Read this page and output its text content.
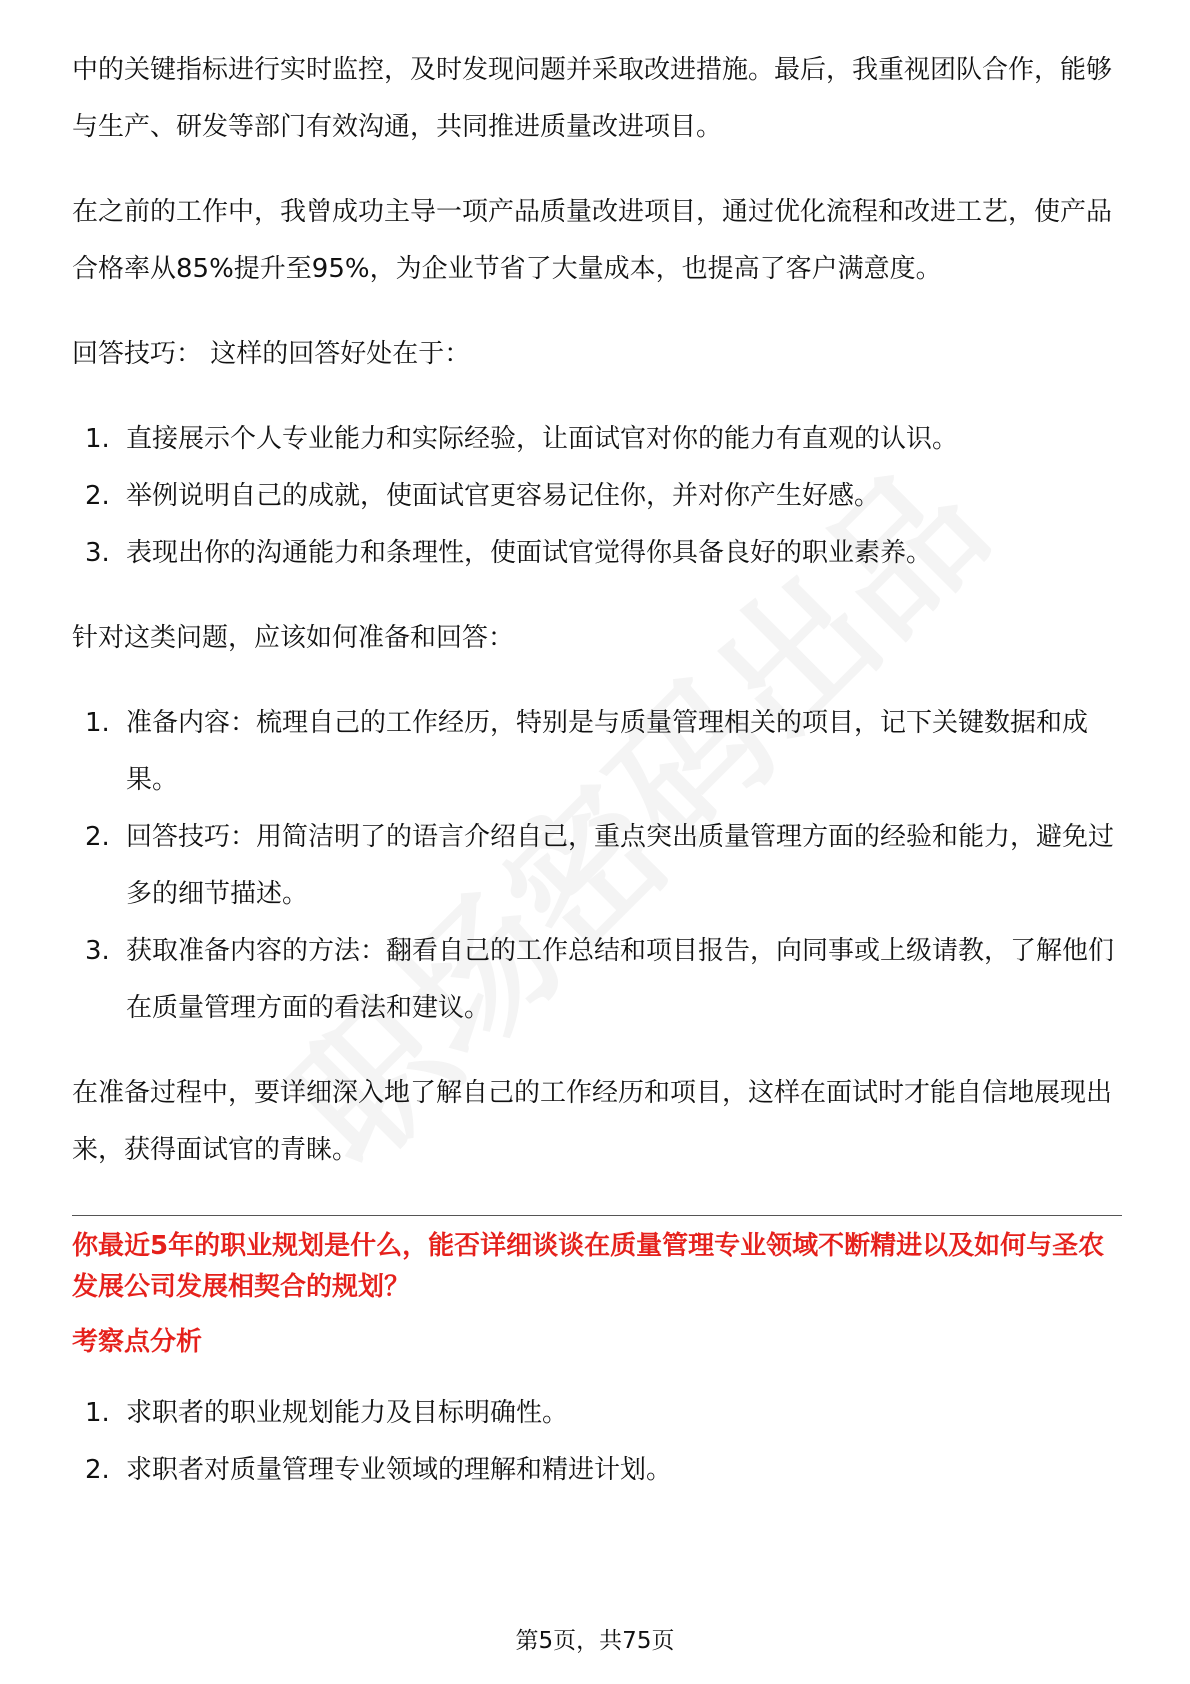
中的关键指标进行实时监控，及时发现问题并采取改进措施。最后，我重视团队合作，能够与生产、研发等部门有效沟通，共同推进质量改进项目。

在之前的工作中，我曾成功主导一项产品质量改进项目，通过优化流程和改进工艺，使产品合格率从85%提升至95%，为企业节省了大量成本，也提高了客户满意度。

回答技巧： 这样的回答好处在于：

1. 直接展示个人专业能力和实际经验，让面试官对你的能力有直观的认识。
2. 举例说明自己的成就，使面试官更容易记住你，并对你产生好感。
3. 表现出你的沟通能力和条理性，使面试官觉得你具备良好的职业素养。

针对这类问题，应该如何准备和回答：

1. 准备内容：梳理自己的工作经历，特别是与质量管理相关的项目，记下关键数据和成果。
2. 回答技巧：用简洁明了的语言介绍自己，重点突出质量管理方面的经验和能力，避免过多的细节描述。
3. 获取准备内容的方法：翻看自己的工作总结和项目报告，向同事或上级请教，了解他们在质量管理方面的看法和建议。

在准备过程中，要详细深入地了解自己的工作经历和项目，这样在面试时才能自信地展现出来，获得面试官的青睐。

你最近5年的职业规划是什么，能否详细谈谈在质量管理专业领域不断精进以及如何与圣农发展公司发展相契合的规划？

考察点分析

1. 求职者的职业规划能力及目标明确性。
2. 求职者对质量管理专业领域的理解和精进计划。
第5页，共75页
